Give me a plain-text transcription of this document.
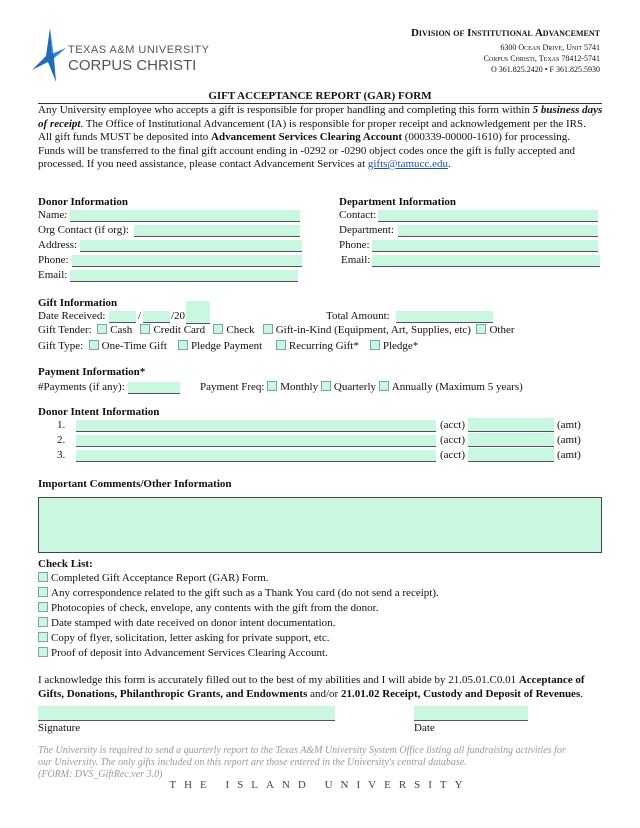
TEXAS A&M UNIVERSITY
CORPUS CHRISTI
Division of Institutional Advancement
6300 Ocean Drive, Unit 5741
Corpus Christi, Texas 78412-5741
O 361.825.2420 • F 361.825.5930
GIFT ACCEPTANCE REPORT (GAR) FORM
Any University employee who accepts a gift is responsible for proper handling and completing this form within 5 business days of receipt. The Office of Institutional Advancement (IA) is responsible for proper receipt and acknowledgement per the IRS.
All gift funds MUST be deposited into Advancement Services Clearing Account (000339-00000-1610) for processing.
Funds will be transferred to the final gift account ending in -0292 or -0290 object codes once the gift is fully accepted and
processed. If you need assistance, please contact Advancement Services at gifts@tamucc.edu.
Donor Information
Name:
Org Contact (if org):
Address:
Phone:
Email:
Department Information
Contact:
Department:
Phone:
Email:
Gift Information
Date Received:	/	/20	Total Amount:
Gift Tender: Cash Credit Card Check Gift-in-Kind (Equipment, Art, Supplies, etc) Other
Gift Type: One-Time Gift Pledge Payment Recurring Gift* Pledge*
Payment Information*
#Payments (if any):	Payment Freq: Monthly Quarterly Annually (Maximum 5 years)
Donor Intent Information
1.	(acct)	(amt)
2.	(acct)	(amt)
3.	(acct)	(amt)
Important Comments/Other Information
Check List:
Completed Gift Acceptance Report (GAR) Form.
Any correspondence related to the gift such as a Thank You card (do not send a receipt).
Photocopies of check, envelope, any contents with the gift from the donor.
Date stamped with date received on donor intent documentation.
Copy of flyer, solicitation, letter asking for private support, etc.
Proof of deposit into Advancement Services Clearing Account.
I acknowledge this form is accurately filled out to the best of my abilities and I will abide by 21.05.01.C0.01 Acceptance of Gifts, Donations, Philanthropic Grants, and Endowments and/or 21.01.02 Receipt, Custody and Deposit of Revenues.
Signature	Date
The University is required to send a quarterly report to the Texas A&M University System Office listing all fundraising activities for
our University. The only gifts included on this report are those entered in the University's central database.
(FORM: DVS_GiftRec.ver 3.0)
THE ISLAND UNIVERSITY
